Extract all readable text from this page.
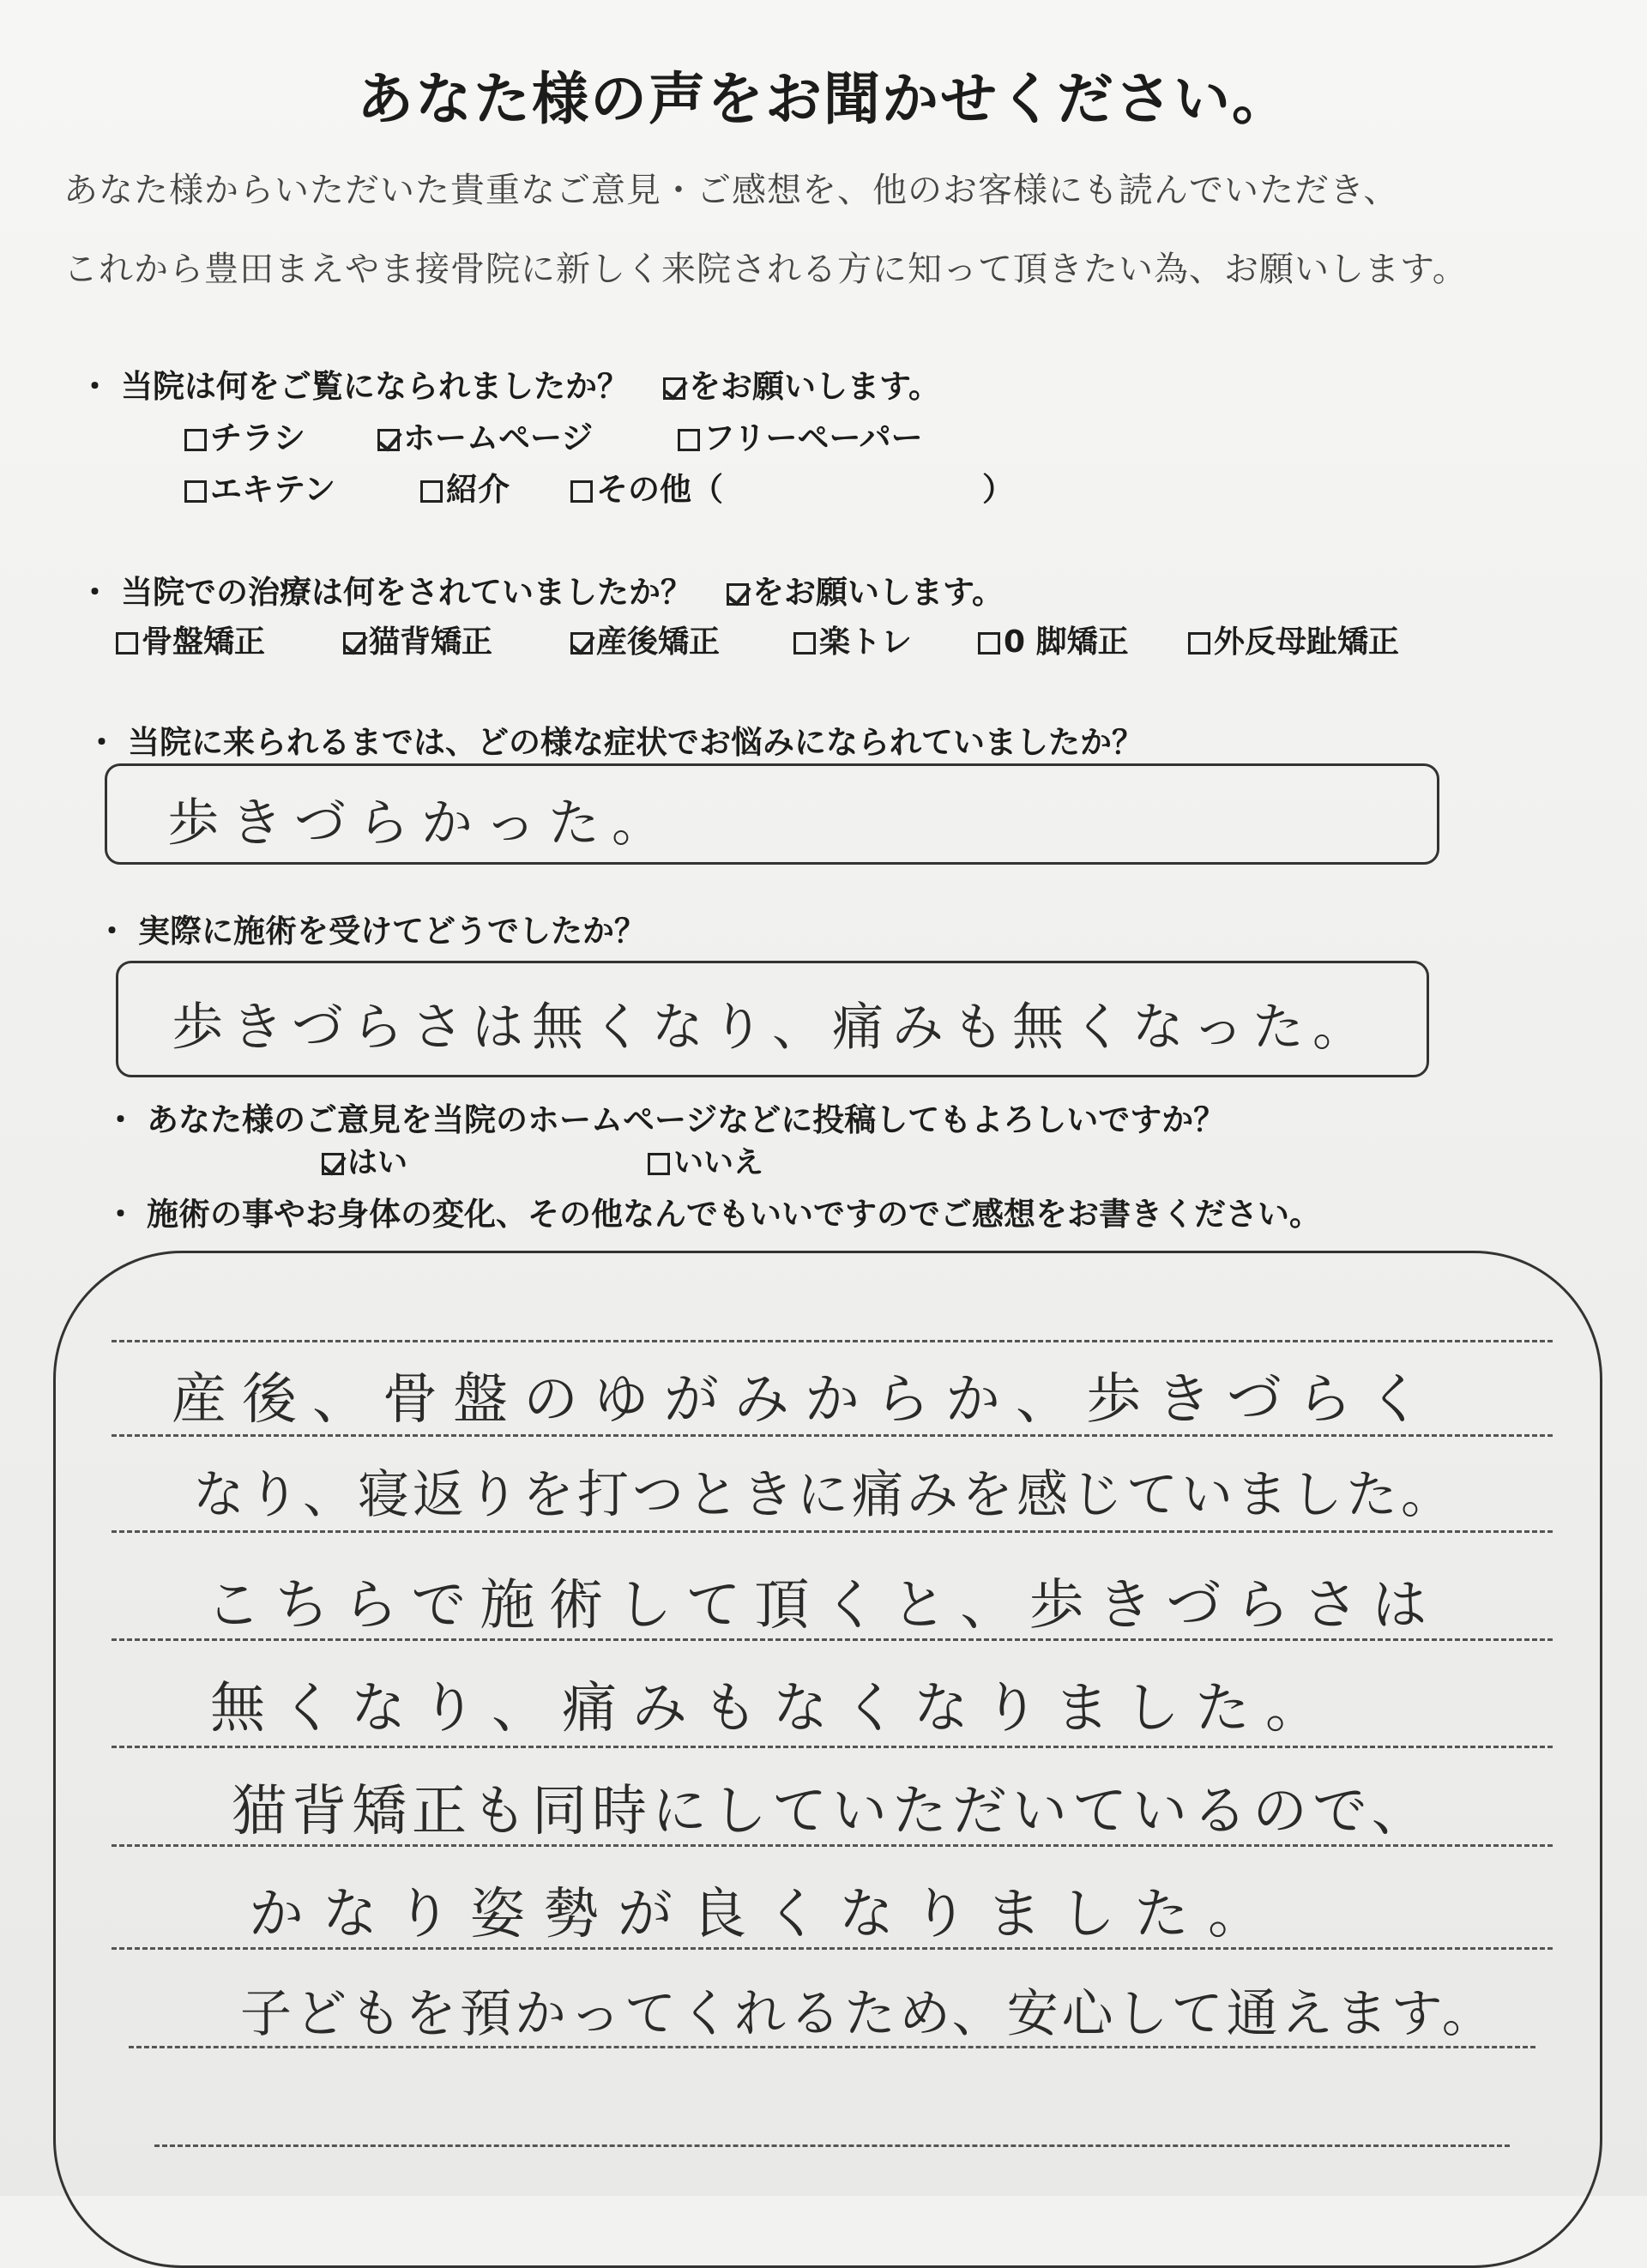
あなた様の声をお聞かせください。

あなた様からいただいた貴重なご意見・ご感想を、他のお客様にも読んでいただき、

これから豊田まえやま接骨院に新しく来院される方に知って頂きたい為、お願いします。

・ 当院は何をご覧になられましたか？ をお願いします。

チラシ	ホームページ	フリーペーパー
エキテン	紹介	その他（	）

・ 当院での治療は何をされていましたか？ をお願いします。

骨盤矯正	猫背矯正	産後矯正	楽トレ	0 脚矯正	外反母趾矯正

・ 当院に来られるまでは、どの様な症状でお悩みになられていましたか？

歩きづらかった。

・ 実際に施術を受けてどうでしたか？

歩きづらさは無くなり、痛みも無くなった。

・ あなた様のご意見を当院のホームページなどに投稿してもよろしいですか？

はい	いいえ

・ 施術の事やお身体の変化、その他なんでもいいですのでご感想をお書きください。

産後、骨盤のゆがみからか、歩きづらく
なり、寝返りを打つときに痛みを感じていました。
こちらで施術して頂くと、歩きづらさは
無くなり、痛みもなくなりました。
猫背矯正も同時にしていただいているので、
かなり姿勢が良くなりました。
子どもを預かってくれるため、安心して通えます。
